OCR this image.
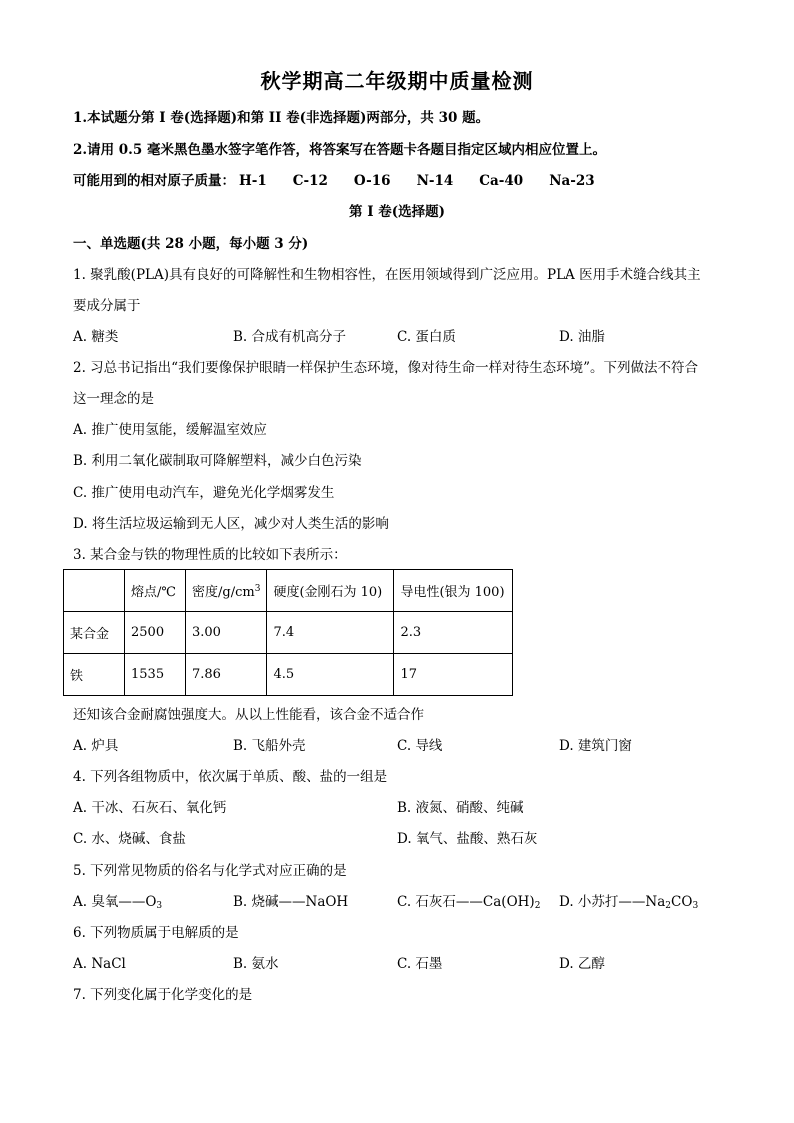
秋学期高二年级期中质量检测
1.本试题分第 I 卷(选择题)和第 II 卷(非选择题)两部分，共 30 题。
2.请用 0.5 毫米黑色墨水签字笔作答，将答案写在答题卡各题目指定区域内相应位置上。
可能用到的相对原子质量： H-1 C-12 O-16 N-14 Ca-40 Na-23
第 I 卷(选择题)
一、单选题(共 28 小题，每小题 3 分)
1. 聚乳酸(PLA)具有良好的可降解性和生物相容性，在医用领域得到广泛应用。PLA 医用手术缝合线其主
要成分属于
A. 糖类	B. 合成有机高分子	C. 蛋白质	D. 油脂
2. 习总书记指出“我们要像保护眼睛一样保护生态环境，像对待生命一样对待生态环境”。下列做法不符合
这一理念的是
A. 推广使用氢能，缓解温室效应
B. 利用二氧化碳制取可降解塑料，减少白色污染
C. 推广使用电动汽车，避免光化学烟雾发生
D. 将生活垃圾运输到无人区，减少对人类生活的影响
3. 某合金与铁的物理性质的比较如下表所示：
	熔点/℃	密度$/g/cm^3$	硬度(金刚石为 10)	导电性(银为 100)
某合金	2500	3.00	7.4	2.3
铁	1535	7.86	4.5	17
还知该合金耐腐蚀强度大。从以上性能看，该合金不适合作
A. 炉具	B. 飞船外壳	C. 导线	D. 建筑门窗
4. 下列各组物质中，依次属于单质、酸、盐的一组是
A. 干冰、石灰石、氧化钙	B. 液氮、硝酸、纯碱
C. 水、烧碱、食盐	D. 氧气、盐酸、熟石灰
5. 下列常见物质的俗名与化学式对应正确的是
A. 臭氧$——O_3$	B. 烧碱——NaOH	C. 石灰石$——Ca(OH)_2$ D. 小苏打$——Na_2CO_3$
6. 下列物质属于电解质的是
A. NaCl	B. 氨水	C. 石墨	D. 乙醇
7. 下列变化属于化学变化的是
